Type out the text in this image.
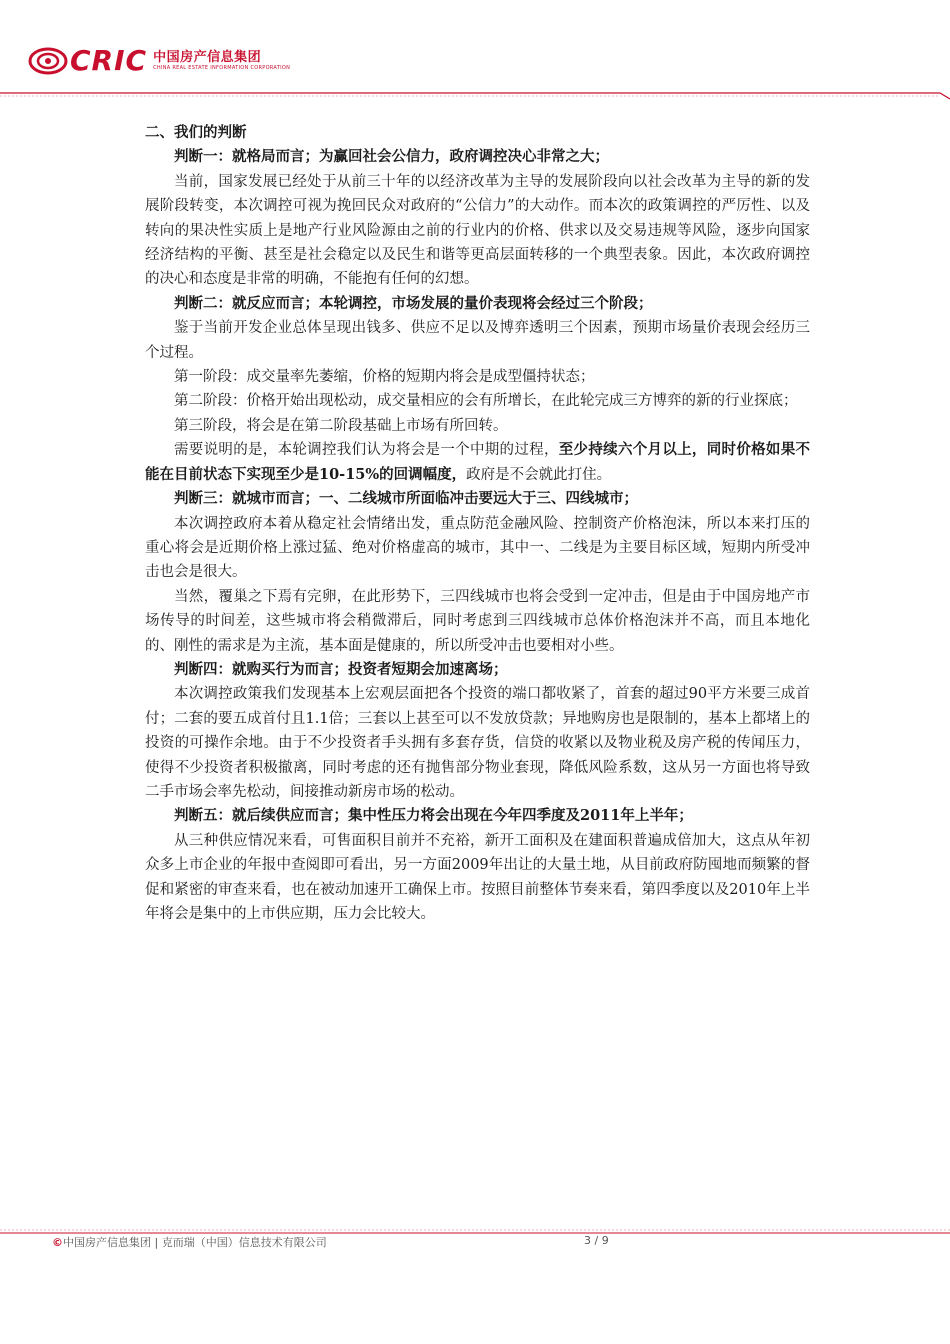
CRIC 中国房产信息集团
CHINA REAL ESTATE INFORMATION CORPORATION

二、我们的判断

判断一：就格局而言；为赢回社会公信力，政府调控决心非常之大；

当前，国家发展已经处于从前三十年的以经济改革为主导的发展阶段向以社会改革为主导的新的发展阶段转变，本次调控可视为挽回民众对政府的“公信力”的大动作。而本次的政策调控的严厉性、以及转向的果决性实质上是地产行业风险源由之前的行业内的价格、供求以及交易违规等风险，逐步向国家经济结构的平衡、甚至是社会稳定以及民生和谐等更高层面转移的一个典型表象。因此，本次政府调控的决心和态度是非常的明确，不能抱有任何的幻想。

判断二：就反应而言；本轮调控，市场发展的量价表现将会经过三个阶段；

鉴于当前开发企业总体呈现出钱多、供应不足以及博弈透明三个因素，预期市场量价表现会经历三个过程。

第一阶段：成交量率先萎缩，价格的短期内将会是成型僵持状态；

第二阶段：价格开始出现松动，成交量相应的会有所增长，在此轮完成三方博弈的新的行业探底；

第三阶段，将会是在第二阶段基础上市场有所回转。

需要说明的是，本轮调控我们认为将会是一个中期的过程，至少持续六个月以上，同时价格如果不能在目前状态下实现至少是10-15%的回调幅度，政府是不会就此打住。

判断三：就城市而言；一、二线城市所面临冲击要远大于三、四线城市；

本次调控政府本着从稳定社会情绪出发，重点防范金融风险、控制资产价格泡沫，所以本来打压的重心将会是近期价格上涨过猛、绝对价格虚高的城市，其中一、二线是为主要目标区域，短期内所受冲击也会是很大。

当然，覆巢之下焉有完卵，在此形势下，三四线城市也将会受到一定冲击，但是由于中国房地产市场传导的时间差，这些城市将会稍微滞后，同时考虑到三四线城市总体价格泡沫并不高，而且本地化的、刚性的需求是为主流，基本面是健康的，所以所受冲击也要相对小些。

判断四：就购买行为而言；投资者短期会加速离场；

本次调控政策我们发现基本上宏观层面把各个投资的端口都收紧了，首套的超过90平方米要三成首付；二套的要五成首付且1.1倍；三套以上甚至可以不发放贷款；异地购房也是限制的，基本上都堵上的投资的可操作余地。由于不少投资者手头拥有多套存货，信贷的收紧以及物业税及房产税的传闻压力，使得不少投资者积极撤离，同时考虑的还有抛售部分物业套现，降低风险系数，这从另一方面也将导致二手市场会率先松动，间接推动新房市场的松动。

判断五：就后续供应而言；集中性压力将会出现在今年四季度及2011年上半年；

从三种供应情况来看，可售面积目前并不充裕，新开工面积及在建面积普遍成倍加大，这点从年初众多上市企业的年报中查阅即可看出，另一方面2009年出让的大量土地，从目前政府防囤地而频繁的督促和紧密的审查来看，也在被动加速开工确保上市。按照目前整体节奏来看，第四季度以及2010年上半年将会是集中的上市供应期，压力会比较大。

©中国房产信息集团 | 克而瑞（中国）信息技术有限公司	3 / 9
